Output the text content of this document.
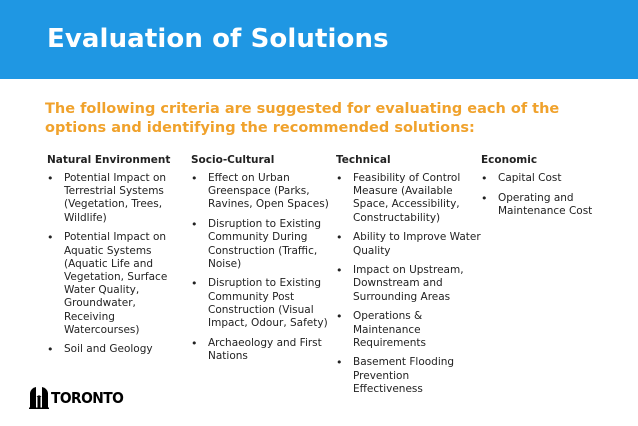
Evaluation of Solutions
The following criteria are suggested for evaluating each of the options and identifying the recommended solutions:
Natural Environment
• Potential Impact on Terrestrial Systems (Vegetation, Trees, Wildlife)
• Potential Impact on Aquatic Systems (Aquatic Life and Vegetation, Surface Water Quality, Groundwater, Receiving Watercourses)
• Soil and Geology
Socio-Cultural
• Effect on Urban Greenspace (Parks, Ravines, Open Spaces)
• Disruption to Existing Community During Construction (Traffic, Noise)
• Disruption to Existing Community Post Construction (Visual Impact, Odour, Safety)
• Archaeology and First Nations
Technical
• Feasibility of Control Measure (Available Space, Accessibility, Constructability)
• Ability to Improve Water Quality
• Impact on Upstream, Downstream and Surrounding Areas
• Operations & Maintenance Requirements
• Basement Flooding Prevention Effectiveness
Economic
• Capital Cost
• Operating and Maintenance Cost
TORONTO
